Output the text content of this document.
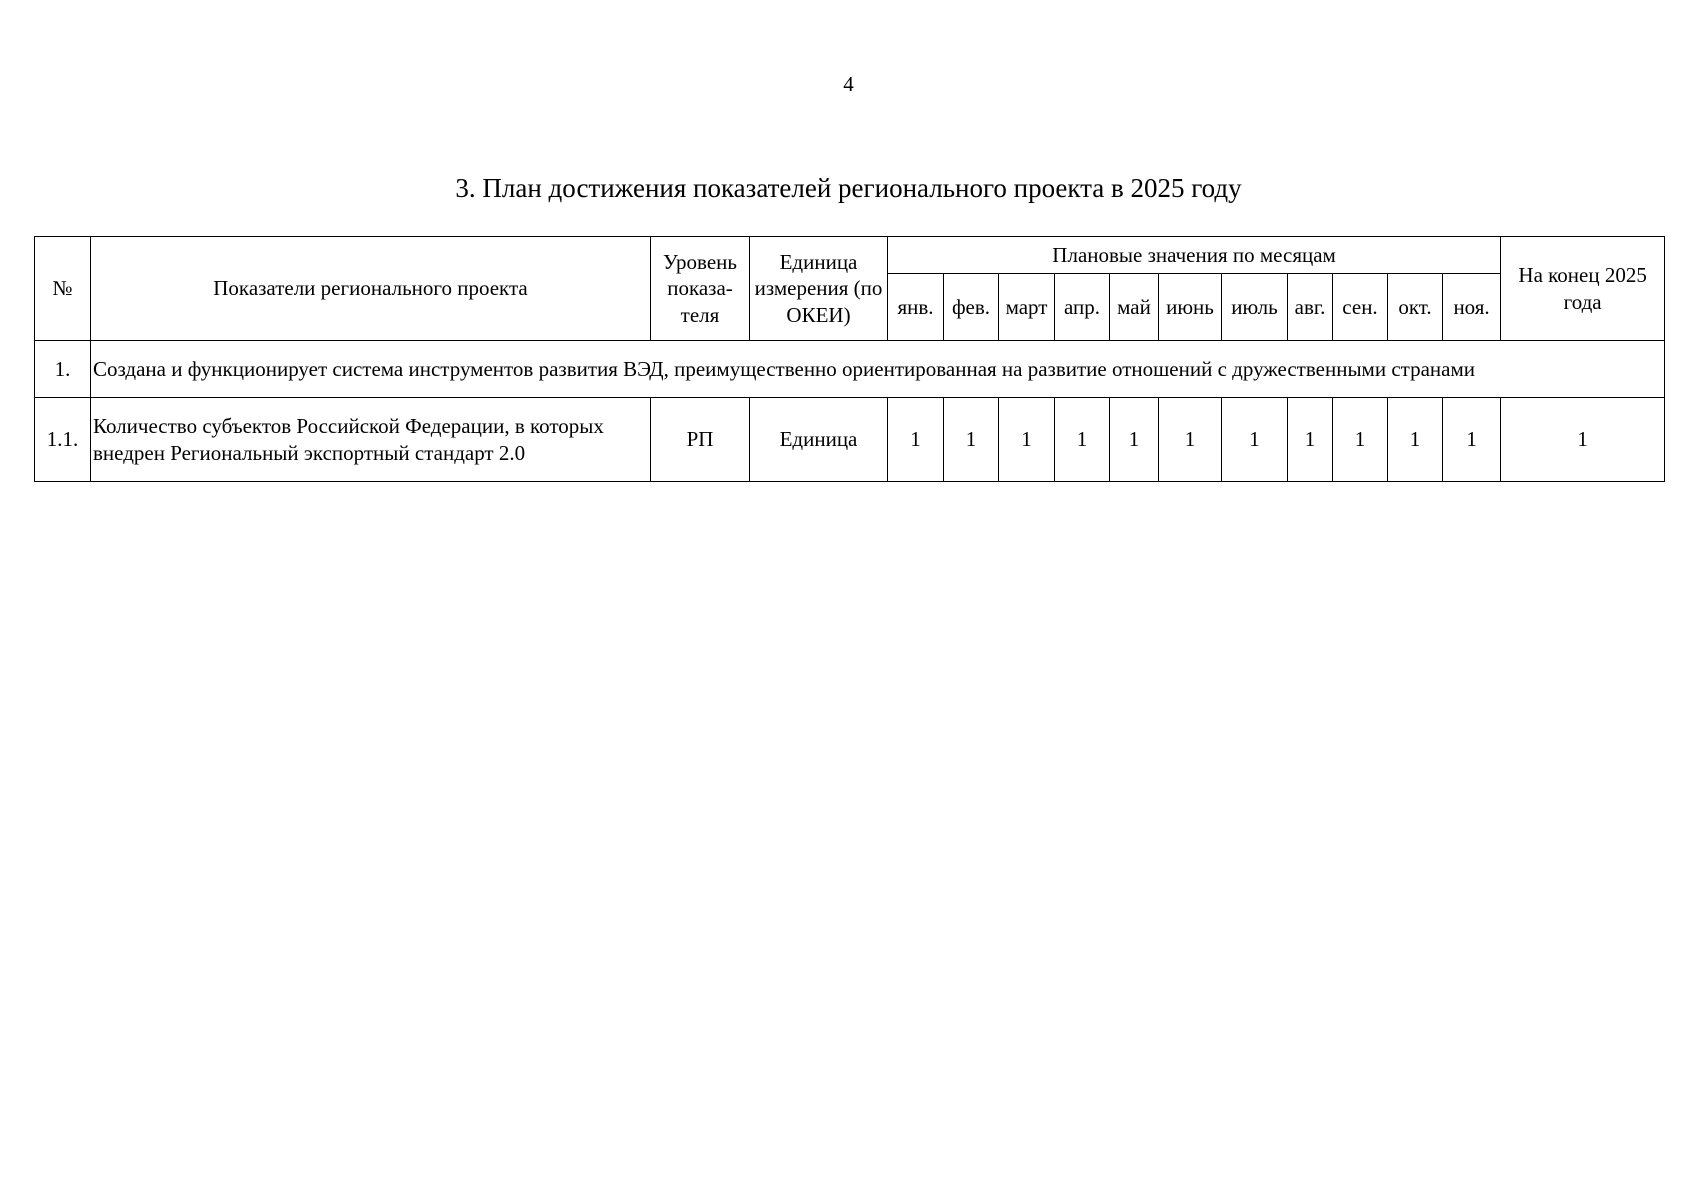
4
3. План достижения показателей регионального проекта в 2025 году
№	Показатели регионального проекта	Уровень показа-теля	Единица измерения (по ОКЕИ)	Плановые значения по месяцам											На конец 2025 года
				янв.	фев.	март	апр.	май	июнь	июль	авг.	сен.	окт.	ноя.	
1.	Создана и функционирует система инструментов развития ВЭД, преимущественно ориентированная на развитие отношений с дружественными странами														
1.1.	Количество субъектов Российской Федерации, в которых внедрен Региональный экспортный стандарт 2.0	РП	Единица	1	1	1	1	1	1	1	1	1	1	1	1
